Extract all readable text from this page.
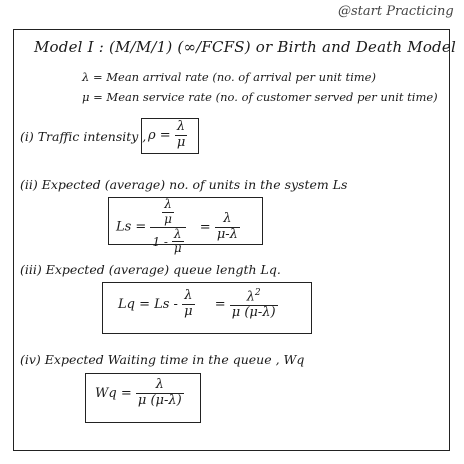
@start Practicing
Model I : (M/M/1) (∞/FCFS) or Birth and Death Model
λ = Mean arrival rate (no. of arrival per unit time)
μ = Mean service rate (no. of customer served per unit time)
(i) Traffic intensity , $\rho = \frac{\lambda}{\mu}$
(ii) Expected (average) no. of units in the system Ls
$Ls = \frac{\frac{\lambda}{\mu}}{1 - \frac{\lambda}{\mu}} = \frac{\lambda}{\mu-\lambda}$
(iii) Expected (average) queue length Lq.
$Lq = Ls - \frac{\lambda}{\mu} = \frac{\lambda^2}{\mu (\mu-\lambda)}$
(iv) Expected Waiting time in the queue , Wq
$Wq = \frac{\lambda}{\mu (\mu-\lambda)}$
